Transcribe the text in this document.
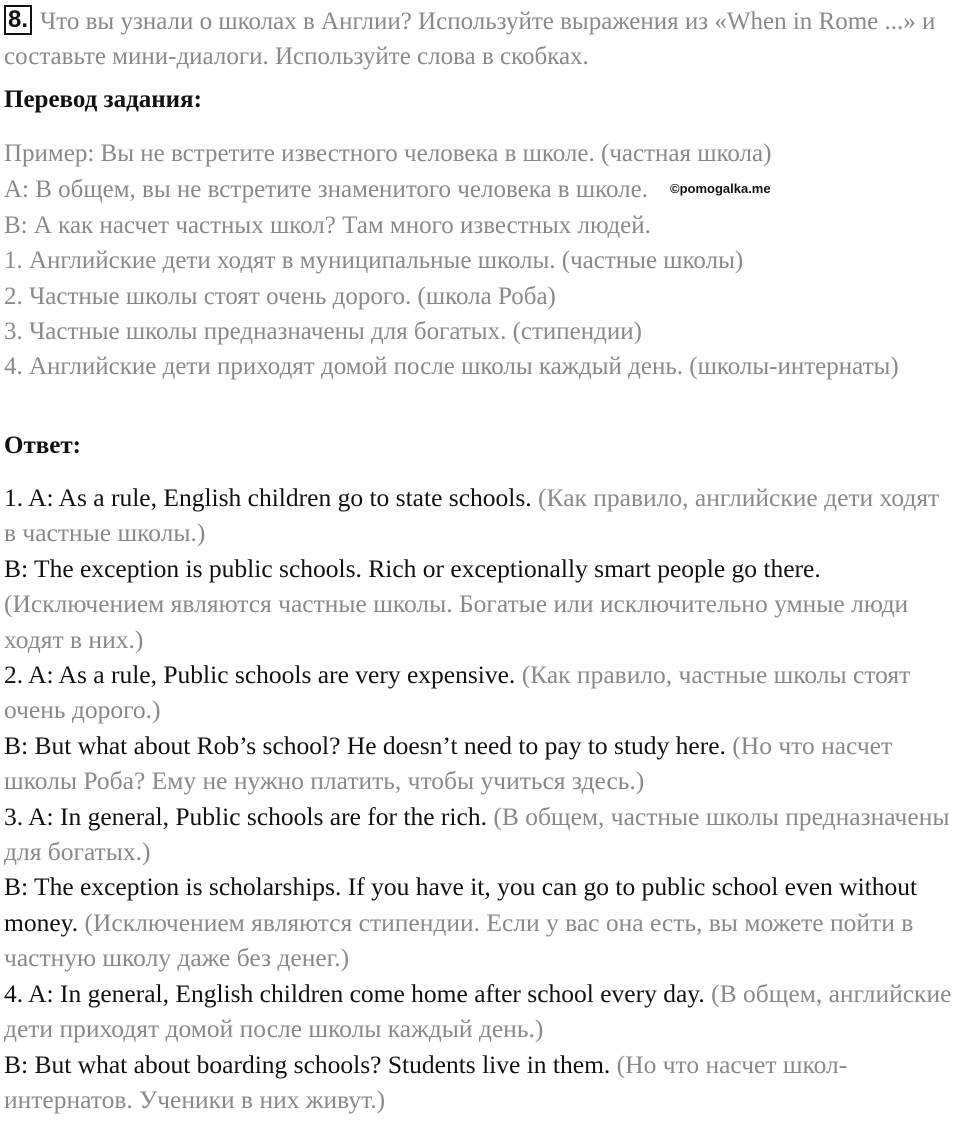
8. Что вы узнали о школах в Англии? Используйте выражения из «When in Rome ...» и составьте мини-диалоги. Используйте слова в скобках.
Перевод задания:
Пример: Вы не встретите известного человека в школе. (частная школа)
А: В общем, вы не встретите знаменитого человека в школе. ©pomogalka.me
В: А как насчет частных школ? Там много известных людей.
1. Английские дети ходят в муниципальные школы. (частные школы)
2. Частные школы стоят очень дорого. (школа Роба)
3. Частные школы предназначены для богатых. (стипендии)
4. Английские дети приходят домой после школы каждый день. (школы-интернаты)
Ответ:
1. A: As a rule, English children go to state schools. (Как правило, английские дети ходят в частные школы.)
B: The exception is public schools. Rich or exceptionally smart people go there. (Исключением являются частные школы. Богатые или исключительно умные люди ходят в них.)
2. A: As a rule, Public schools are very expensive. (Как правило, частные школы стоят очень дорого.)
B: But what about Rob’s school? He doesn’t need to pay to study here. (Но что насчет школы Роба? Ему не нужно платить, чтобы учиться здесь.)
3. A: In general, Public schools are for the rich. (В общем, частные школы предназначены для богатых.)
B: The exception is scholarships. If you have it, you can go to public school even without money. (Исключением являются стипендии. Если у вас она есть, вы можете пойти в частную школу даже без денег.)
4. A: In general, English children come home after school every day. (В общем, английские дети приходят домой после школы каждый день.)
B: But what about boarding schools? Students live in them. (Но что насчет школ-интернатов. Ученики в них живут.)
